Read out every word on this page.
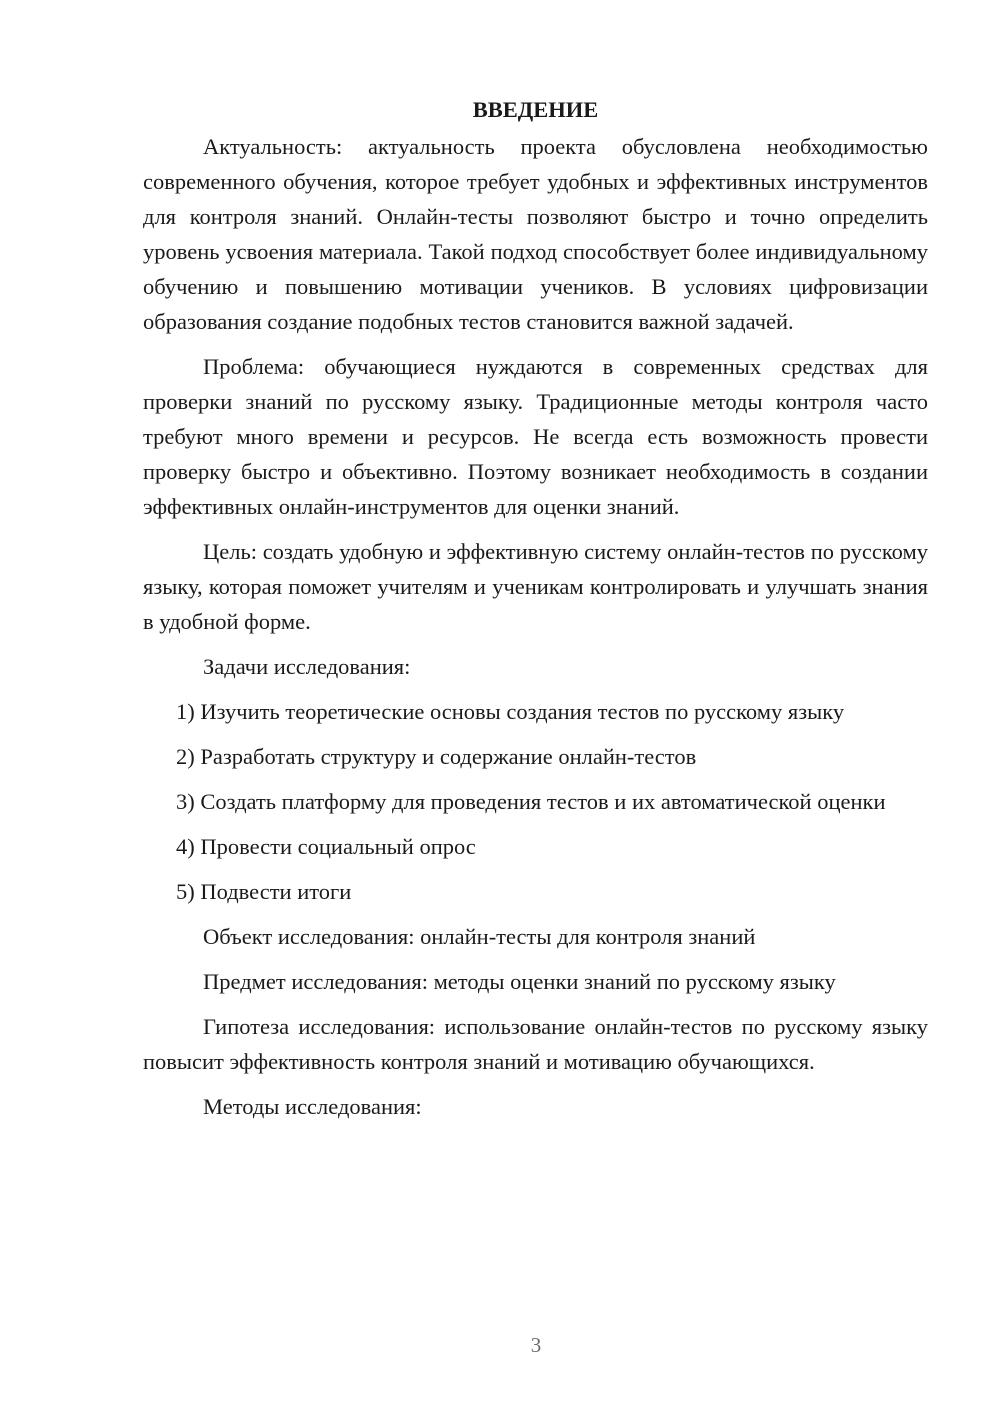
ВВЕДЕНИЕ

Актуальность: актуальность проекта обусловлена необходимостью современного обучения, которое требует удобных и эффективных инструментов для контроля знаний. Онлайн-тесты позволяют быстро и точно определить уровень усвоения материала. Такой подход способствует более индивидуальному обучению и повышению мотивации учеников. В условиях цифровизации образования создание подобных тестов становится важной задачей.

Проблема: обучающиеся нуждаются в современных средствах для проверки знаний по русскому языку. Традиционные методы контроля часто требуют много времени и ресурсов. Не всегда есть возможность провести проверку быстро и объективно. Поэтому возникает необходимость в создании эффективных онлайн-инструментов для оценки знаний.

Цель: создать удобную и эффективную систему онлайн-тестов по русскому языку, которая поможет учителям и ученикам контролировать и улучшать знания в удобной форме.

Задачи исследования:

1) Изучить теоретические основы создания тестов по русскому языку

2) Разработать структуру и содержание онлайн-тестов

3) Создать платформу для проведения тестов и их автоматической оценки

4) Провести социальный опрос

5) Подвести итоги

Объект исследования: онлайн-тесты для контроля знаний

Предмет исследования: методы оценки знаний по русскому языку

Гипотеза исследования: использование онлайн-тестов по русскому языку повысит эффективность контроля знаний и мотивацию обучающихся.

Методы исследования:

3
